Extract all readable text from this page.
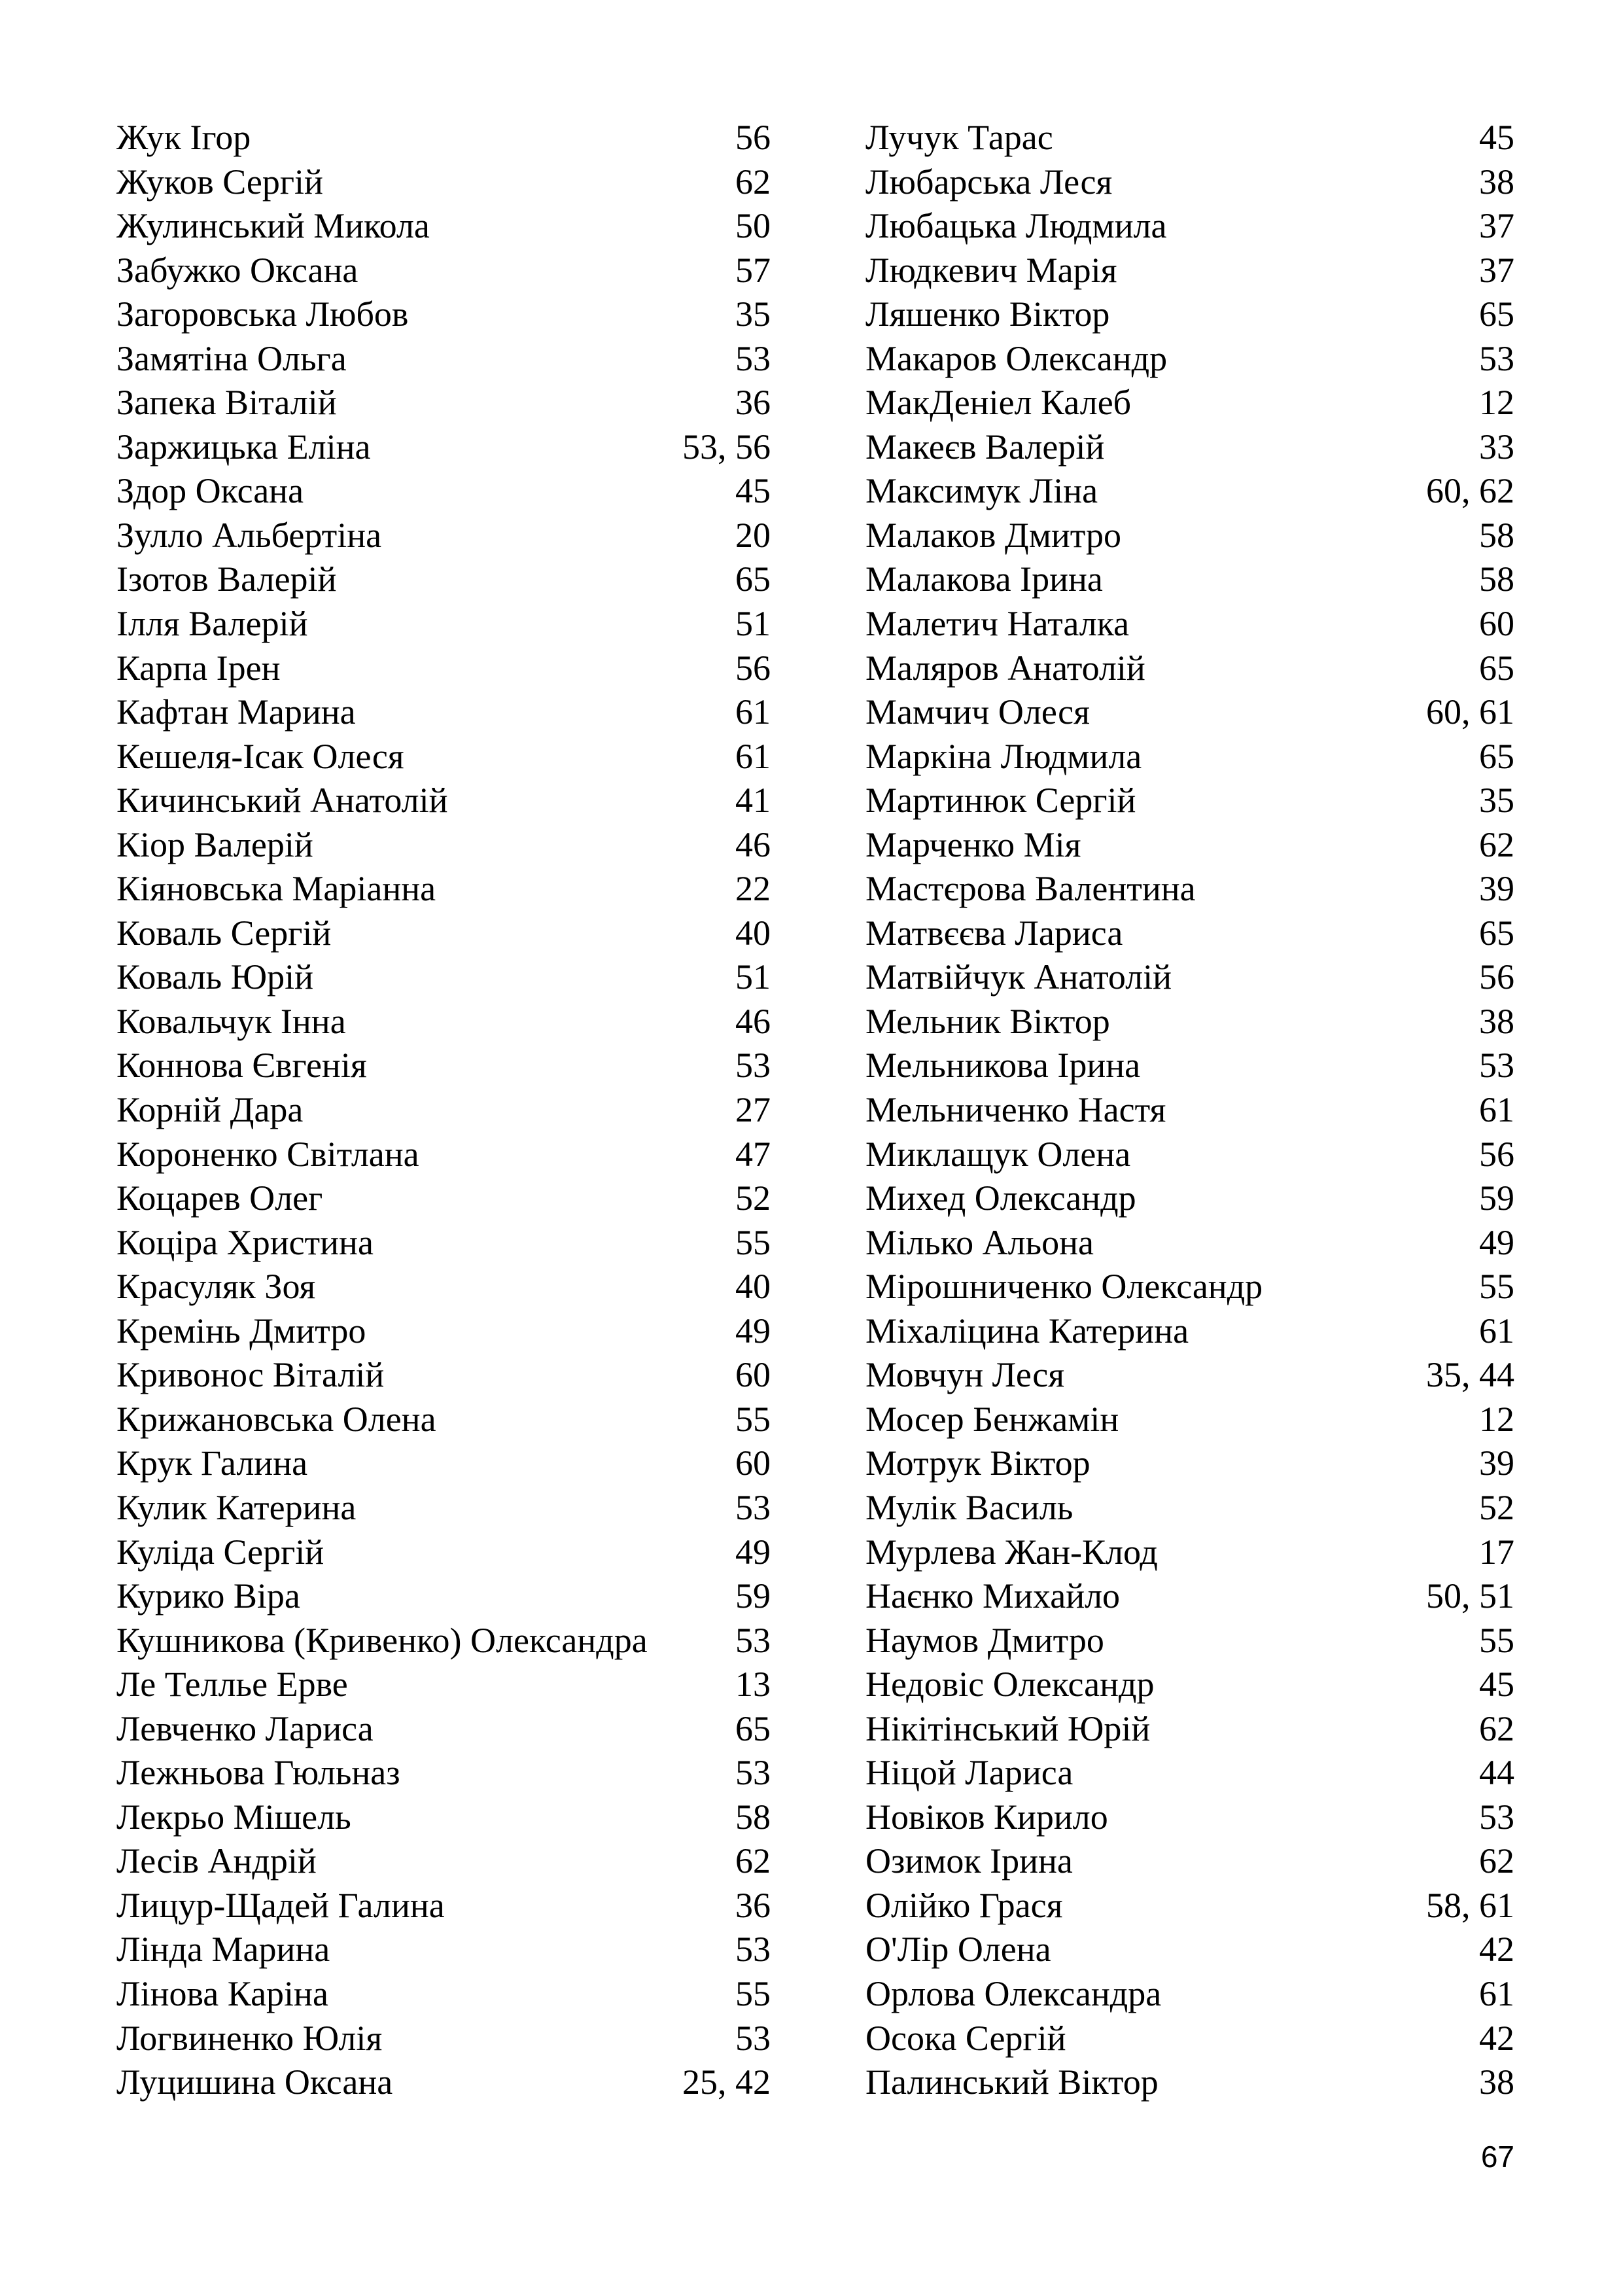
Жук Ігор	56
Жуков Сергій	62
Жулинський Микола	50
Забужко Оксана	57
Загоровська Любов	35
Замятіна Ольга	53
Запека Віталій	36
Заржицька Еліна	53, 56
Здор Оксана	45
Зулло Альбертіна	20
Ізотов Валерій	65
Ілля Валерій	51
Карпа Ірен	56
Кафтан Марина	61
Кешеля-Ісак Олеся	61
Кичинський Анатолій	41
Кіор Валерій	46
Кіяновська Маріанна	22
Коваль Сергій	40
Коваль Юрій	51
Ковальчук Інна	46
Коннова Євгенія	53
Корній Дара	27
Короненко Світлана	47
Коцарев Олег	52
Коціра Христина	55
Красуляк Зоя	40
Кремінь Дмитро	49
Кривонос Віталій	60
Крижановська Олена	55
Крук Галина	60
Кулик Катерина	53
Куліда Сергій	49
Курико Віра	59
Кушникова (Кривенко) Олександра 53
Ле Теллье Ерве	13
Левченко Лариса	65
Лежньова Гюльназ	53
Лекрьо Мішель	58
Лесів Андрій	62
Лицур-Щадей Галина	36
Лінда Марина	53
Лінова Каріна	55
Логвиненко Юлія	53
Луцишина Оксана	25, 42
Лучук Тарас	45
Любарська Леся	38
Любацька Людмила	37
Людкевич Марія	37
Ляшенко Віктор	65
Макаров Олександр	53
МакДеніел Калеб	12
Макеєв Валерій	33
Максимук Ліна	60, 62
Малаков Дмитро	58
Малакова Ірина	58
Малетич Наталка	60
Маляров Анатолій	65
Мамчич Олеся	60, 61
Маркіна Людмила	65
Мартинюк Сергій	35
Марченко Мія	62
Мастєрова Валентина	39
Матвєєва Лариса	65
Матвійчук Анатолій	56
Мельник Віктор	38
Мельникова Ірина	53
Мельниченко Настя	61
Миклащук Олена	56
Михед Олександр	59
Мілько Альона	49
Мірошниченко Олександр	55
Міхаліцина Катерина	61
Мовчун Леся	35, 44
Мосер Бенжамін	12
Мотрук Віктор	39
Мулік Василь	52
Мурлева Жан-Клод	17
Наєнко Михайло	50, 51
Наумов Дмитро	55
Недовіс Олександр	45
Нікітінський Юрій	62
Ніцой Лариса	44
Новіков Кирило	53
Озимок Ірина	62
Олійко Грася	58, 61
О'Лір Олена	42
Орлова Олександра	61
Осока Сергій	42
Палинський Віктор	38
67
